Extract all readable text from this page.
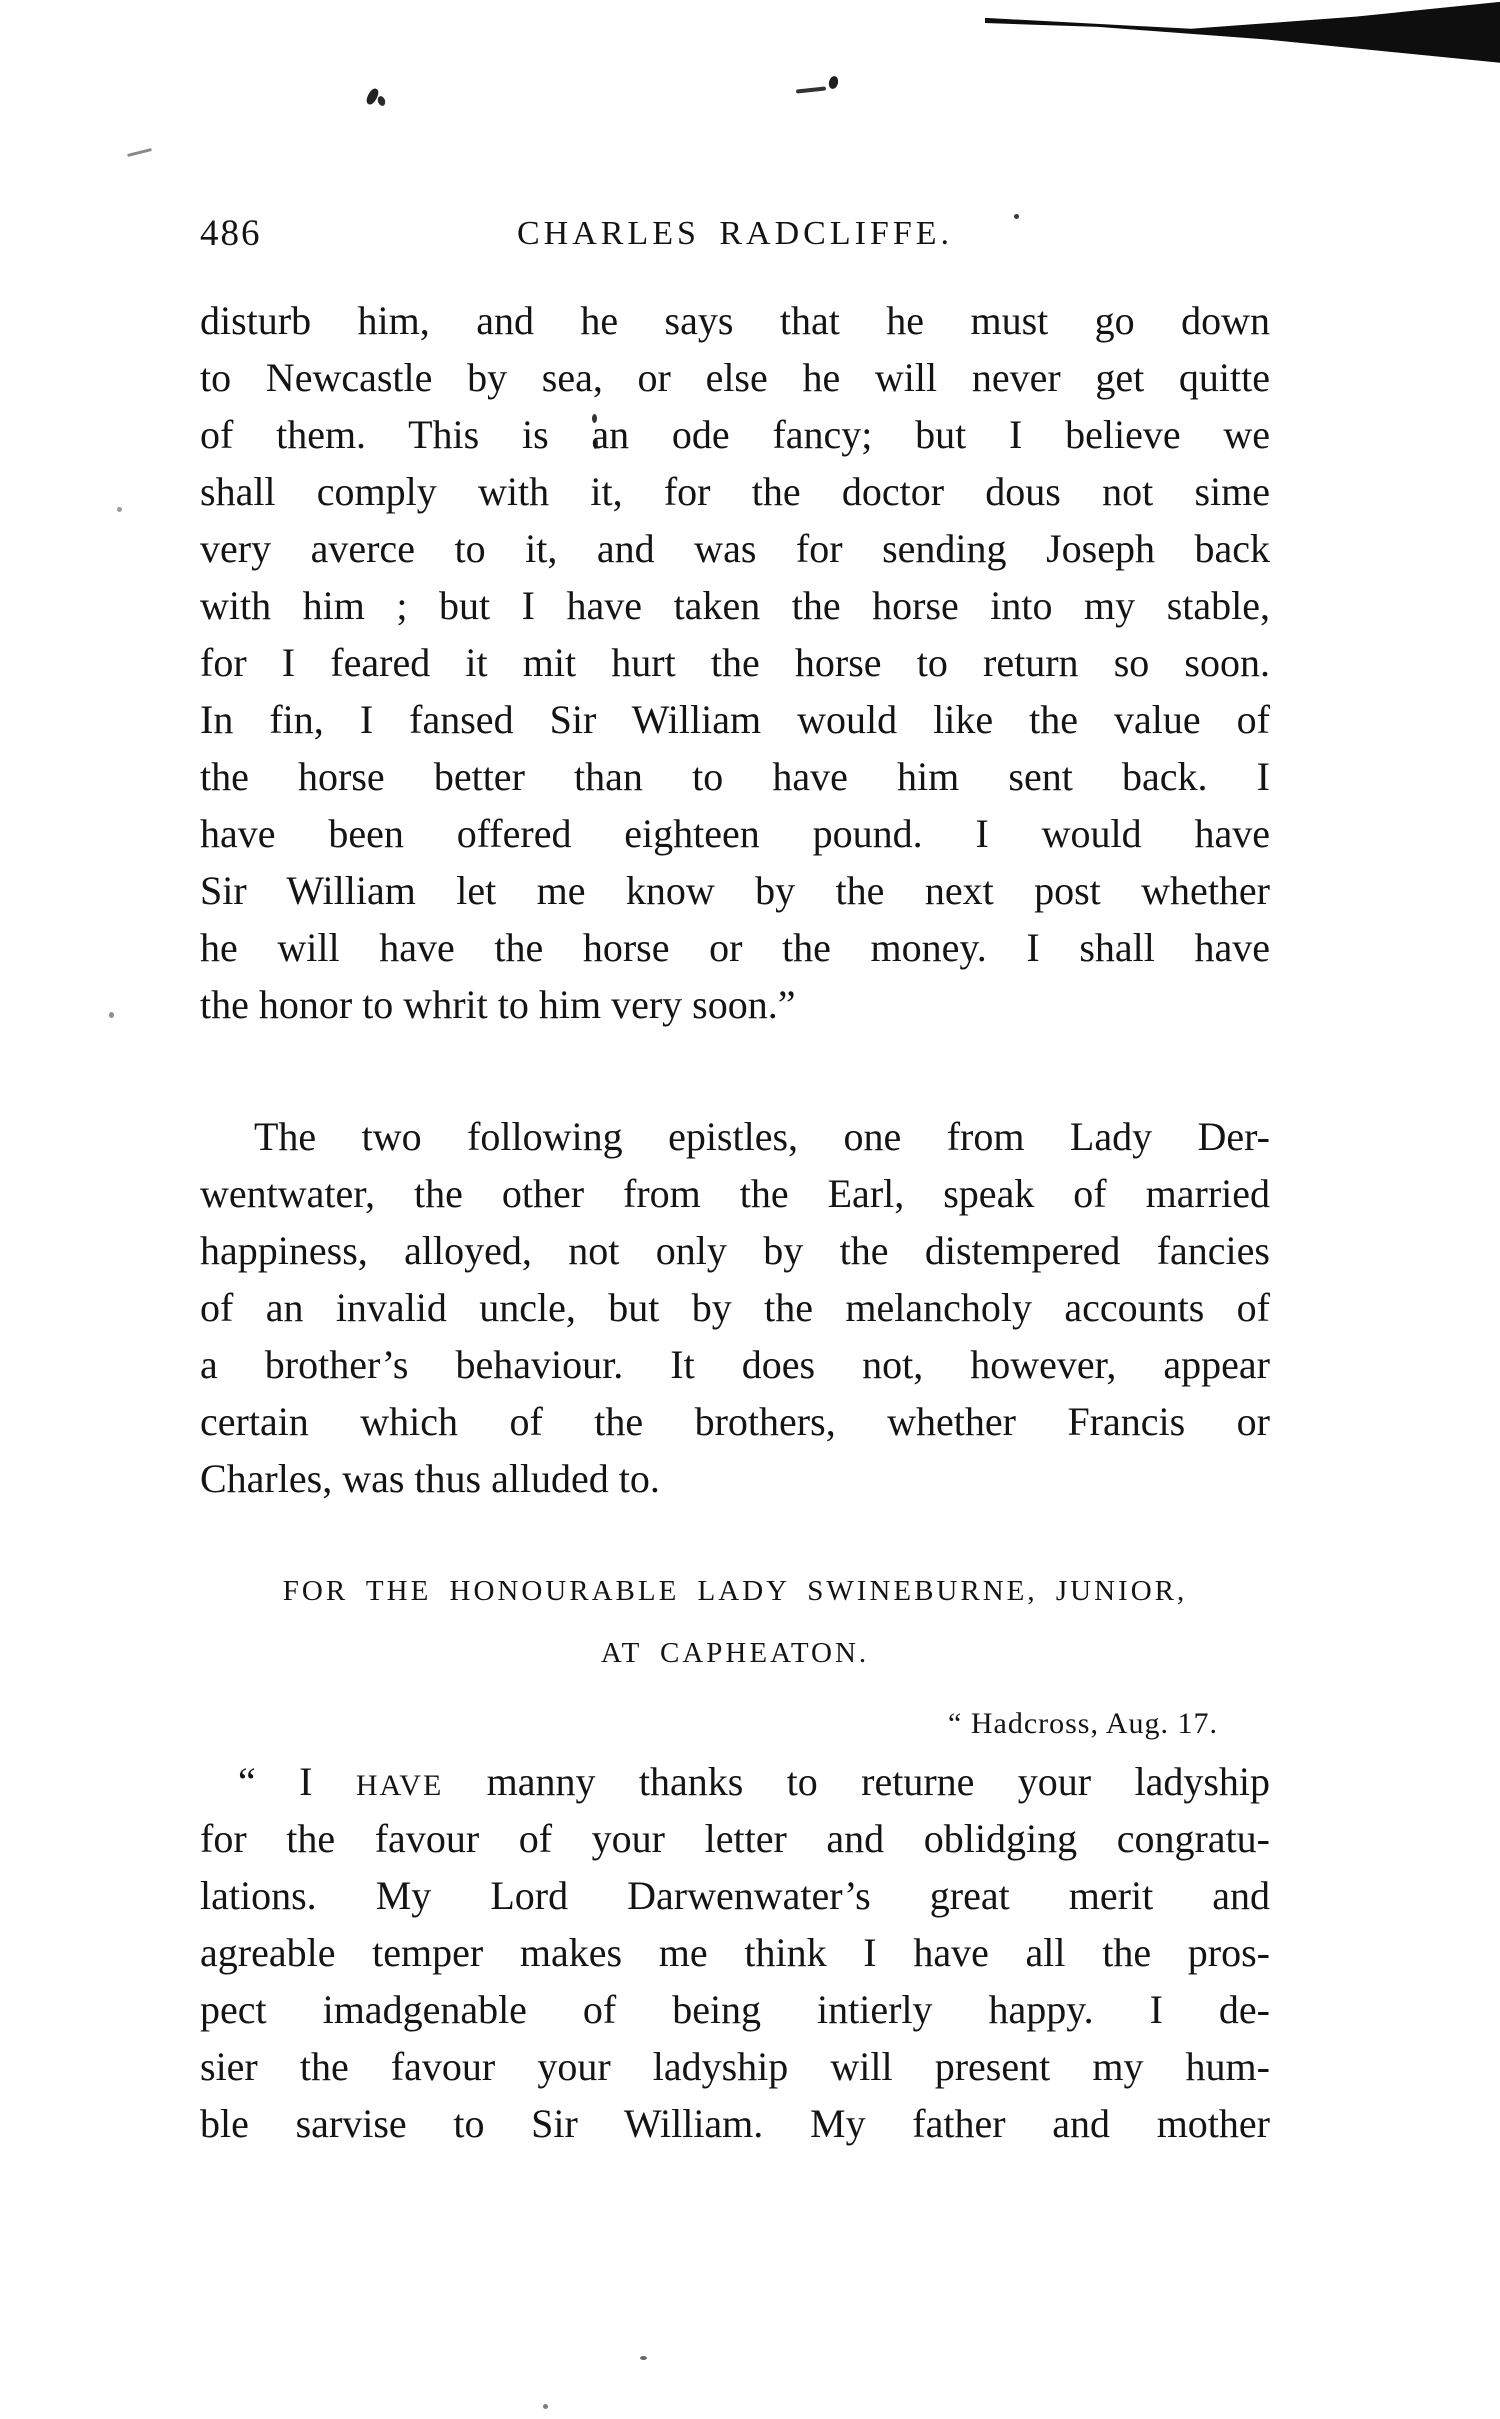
486	CHARLES RADCLIFFE.
disturb him, and he says that he must go down
to Newcastle by sea, or else he will never get quitte
of them. This is an ode fancy; but I believe we
shall comply with it, for the doctor dous not sime
very averce to it, and was for sending Joseph back
with him ; but I have taken the horse into my stable,
for I feared it mit hurt the horse to return so soon.
In fin, I fansed Sir William would like the value of
the horse better than to have him sent back. I
have been offered eighteen pound. I would have
Sir William let me know by the next post whether
he will have the horse or the money. I shall have
the honor to whrit to him very soon.”
The two following epistles, one from Lady Der-
wentwater, the other from the Earl, speak of married
happiness, alloyed, not only by the distempered fancies
of an invalid uncle, but by the melancholy accounts of
a brother’s behaviour. It does not, however, appear
certain which of the brothers, whether Francis or
Charles, was thus alluded to.
FOR THE HONOURABLE LADY SWINEBURNE, JUNIOR,
AT CAPHEATON.
“ Hadcross, Aug. 17.
“ I HAVE manny thanks to returne your ladyship
for the favour of your letter and oblidging congratu-
lations. My Lord Darwenwater’s great merit and
agreable temper makes me think I have all the pros-
pect imadgenable of being intierly happy. I de-
sier the favour your ladyship will present my hum-
ble sarvise to Sir William. My father and mother
